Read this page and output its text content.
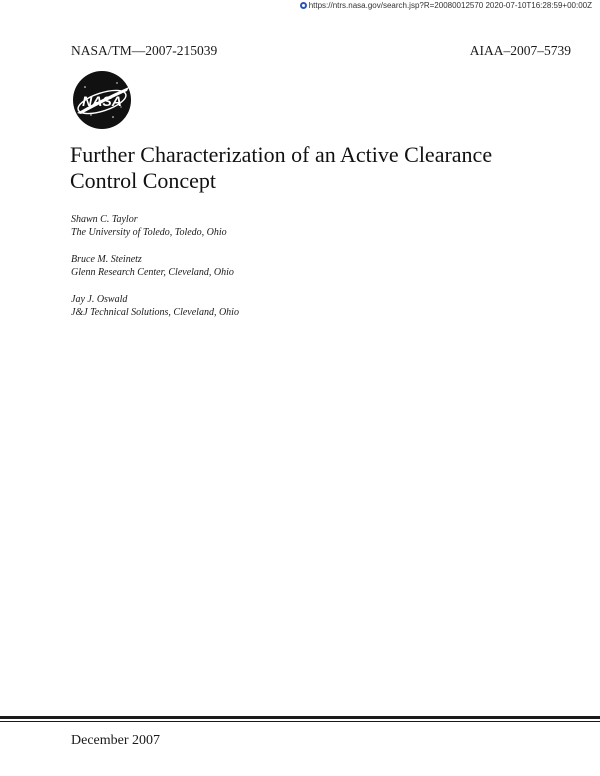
https://ntrs.nasa.gov/search.jsp?R=20080012570 2020-07-10T16:28:59+00:00Z
NASA/TM—2007-215039	AIAA–2007–5739
NASA
Further Characterization of an Active Clearance
Control Concept
Shawn C. Taylor
The University of Toledo, Toledo, Ohio
Bruce M. Steinetz
Glenn Research Center, Cleveland, Ohio
Jay J. Oswald
J&J Technical Solutions, Cleveland, Ohio
December 2007
